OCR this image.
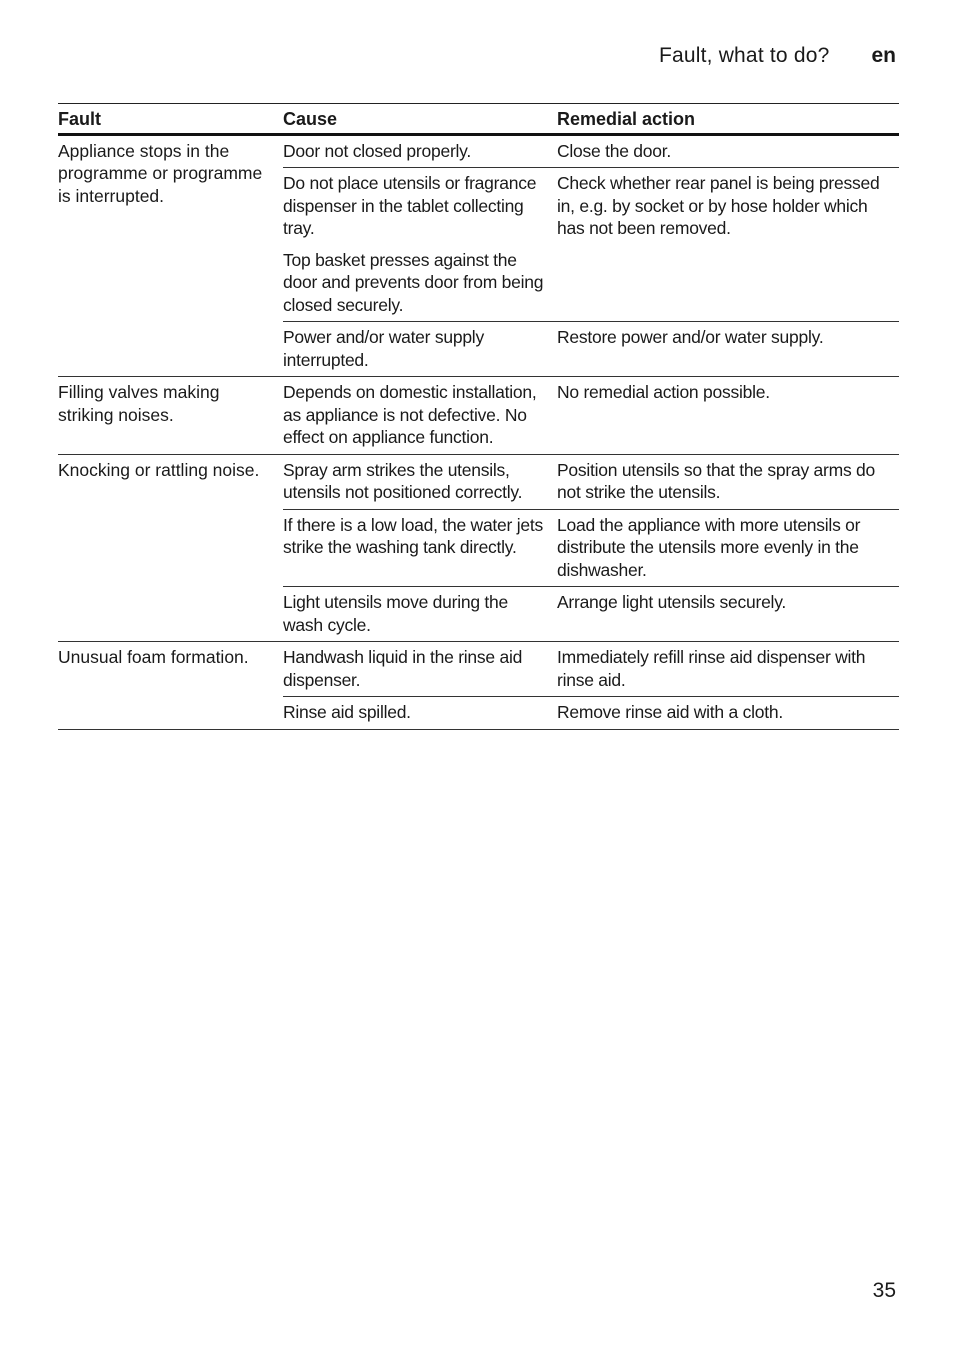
Fault, what to do? en
Fault	Cause	Remedial action

Appliance stops in the programme or programme is interrupted.	Door not closed properly.	Close the door.

	Do not place utensils or fragrance dispenser in the tablet collecting tray.	Check whether rear panel is being pressed in, e.g. by socket or by hose holder which has not been removed.

	Top basket presses against the door and prevents door from being closed securely.	

	Power and/or water supply interrupted.	Restore power and/or water supply.

Filling valves making striking noises.	Depends on domestic installation, as appliance is not defective. No effect on appliance function.	No remedial action possible.

Knocking or rattling noise.	Spray arm strikes the utensils, utensils not positioned correctly.	Position utensils so that the spray arms do not strike the utensils.

	If there is a low load, the water jets strike the washing tank directly.	Load the appliance with more utensils or distribute the utensils more evenly in the dishwasher.

	Light utensils move during the wash cycle.	Arrange light utensils securely.

Unusual foam formation.	Handwash liquid in the rinse aid dispenser.	Immediately refill rinse aid dispenser with rinse aid.

	Rinse aid spilled.	Remove rinse aid with a cloth.
35
